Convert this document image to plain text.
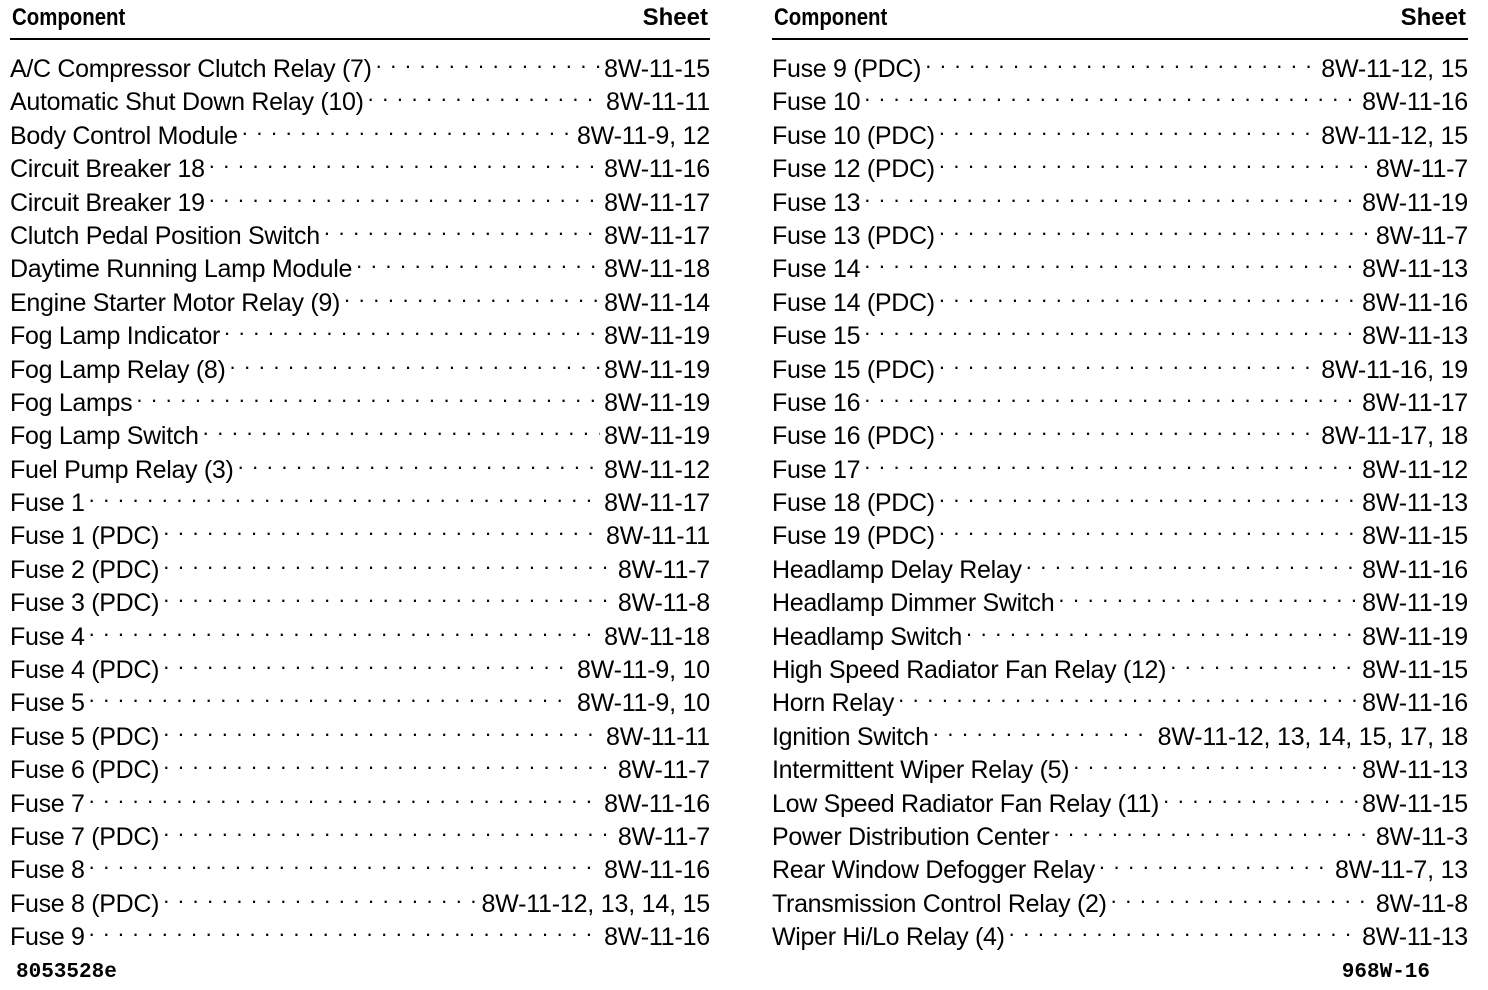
Component	Sheet
A/C Compressor Clutch Relay (7) . . .	8W-11-15
Automatic Shut Down Relay (10) . . .	8W-11-11
Body Control Module . . .	8W-11-9, 12
Circuit Breaker 18 . . .	8W-11-16
Circuit Breaker 19 . . .	8W-11-17
Clutch Pedal Position Switch . . .	8W-11-17
Daytime Running Lamp Module . . .	8W-11-18
Engine Starter Motor Relay (9) . . .	8W-11-14
Fog Lamp Indicator . . .	8W-11-19
Fog Lamp Relay (8) . . .	8W-11-19
Fog Lamps . . .	8W-11-19
Fog Lamp Switch . . .	8W-11-19
Fuel Pump Relay (3) . . .	8W-11-12
Fuse 1 . . .	8W-11-17
Fuse 1 (PDC) . . .	8W-11-11
Fuse 2 (PDC) . . .	8W-11-7
Fuse 3 (PDC) . . .	8W-11-8
Fuse 4 . . .	8W-11-18
Fuse 4 (PDC) . . .	8W-11-9, 10
Fuse 5 . . .	8W-11-9, 10
Fuse 5 (PDC) . . .	8W-11-11
Fuse 6 (PDC) . . .	8W-11-7
Fuse 7 . . .	8W-11-16
Fuse 7 (PDC) . . .	8W-11-7
Fuse 8 . . .	8W-11-16
Fuse 8 (PDC) . . .	8W-11-12, 13, 14, 15
Fuse 9 . . .	8W-11-16
Component	Sheet
Fuse 9 (PDC) . . .	8W-11-12, 15
Fuse 10 . . .	8W-11-16
Fuse 10 (PDC) . . .	8W-11-12, 15
Fuse 12 (PDC) . . .	8W-11-7
Fuse 13 . . .	8W-11-19
Fuse 13 (PDC) . . .	8W-11-7
Fuse 14 . . .	8W-11-13
Fuse 14 (PDC) . . .	8W-11-16
Fuse 15 . . .	8W-11-13
Fuse 15 (PDC) . . .	8W-11-16, 19
Fuse 16 . . .	8W-11-17
Fuse 16 (PDC) . . .	8W-11-17, 18
Fuse 17 . . .	8W-11-12
Fuse 18 (PDC) . . .	8W-11-13
Fuse 19 (PDC) . . .	8W-11-15
Headlamp Delay Relay . . .	8W-11-16
Headlamp Dimmer Switch . . .	8W-11-19
Headlamp Switch . . .	8W-11-19
High Speed Radiator Fan Relay (12) . . .	8W-11-15
Horn Relay . . .	8W-11-16
Ignition Switch . . .	8W-11-12, 13, 14, 15, 17, 18
Intermittent Wiper Relay (5) . . .	8W-11-13
Low Speed Radiator Fan Relay (11) . . .	8W-11-15
Power Distribution Center . . .	8W-11-3
Rear Window Defogger Relay . . .	8W-11-7, 13
Transmission Control Relay (2) . . .	8W-11-8
Wiper Hi/Lo Relay (4) . . .	8W-11-13
8053528e	968W-16
